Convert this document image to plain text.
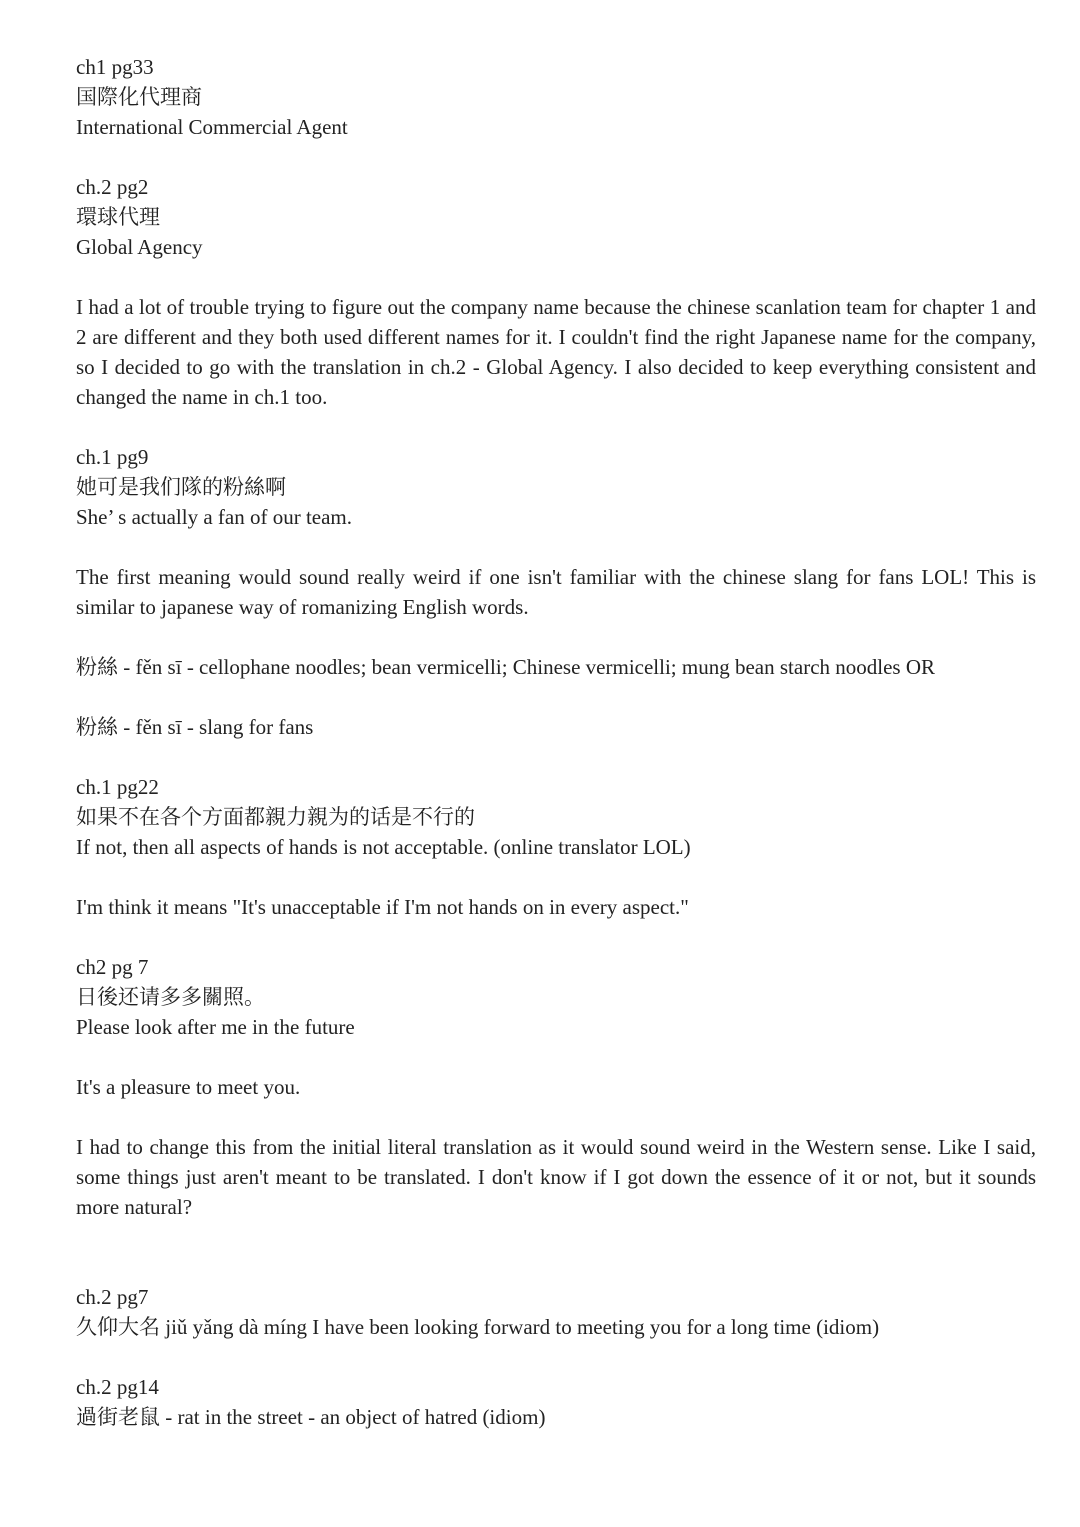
ch1 pg33
国際化代理商
International Commercial Agent
ch.2 pg2
環球代理
Global Agency
I had a lot of trouble trying to figure out the company name because the chinese scanlation team for chapter 1 and 2 are different and they both used different names for it. I couldn't find the right Japanese name for the company, so I decided to go with the translation in ch.2 - Global Agency. I also decided to keep everything consistent and changed the name in ch.1 too.
ch.1 pg9
她可是我们隊的粉絲啊
She’ s actually a fan of our team.
The first meaning would sound really weird if one isn't familiar with the chinese slang for fans LOL! This is similar to japanese way of romanizing English words.
粉絲 - fěn sī - cellophane noodles; bean vermicelli; Chinese vermicelli; mung bean starch noodles OR
粉絲 - fěn sī - slang for fans
ch.1 pg22
如果不在各个方面都親力親为的话是不行的
If not, then all aspects of hands is not acceptable. (online translator LOL)
I'm think it means "It's unacceptable if I'm not hands on in every aspect."
ch2 pg 7
日後还请多多關照。
Please look after me in the future
It's a pleasure to meet you.
I had to change this from the initial literal translation as it would sound weird in the Western sense. Like I said, some things just aren't meant to be translated. I don't know if I got down the essence of it or not, but it sounds more natural?
ch.2 pg7
久仰大名 jiǔ yǎng dà míng I have been looking forward to meeting you for a long time (idiom)
ch.2 pg14
過街老鼠 - rat in the street - an object of hatred (idiom)
